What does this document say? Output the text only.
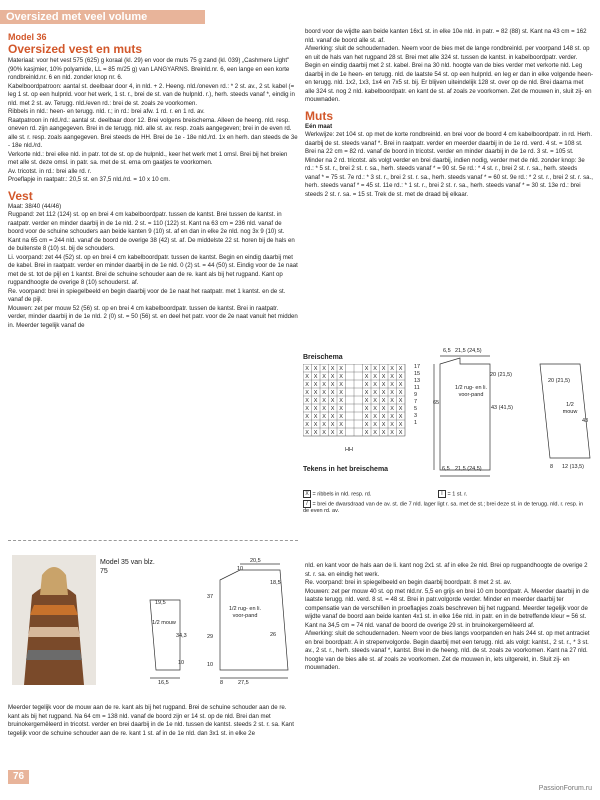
Oversized met veel volume
Model 36
Oversized vest en muts

Materiaal: voor het vest 575 (625) g koraal (kl. 29) en voor de muts 75 g zand (kl. 039) „Cashmere Light" (90% kasjmier, 10% polyamide, LL = 85 m/25 g) van LANGYARNS. Breinld.nr. 6, een lange en een korte rondbreinld.nr. 6 en nld. zonder knop nr. 6.

Kabelboordpatroon: aantal st. deelbaar door 4, in nld. + 2. Heeng. nld./oneven rd.: * 2 st. av., 2 st. kabel (= leg 1 st. op een hulpnld. voor het werk, 1 st. r., brei de st. van de hulpnld. r.), herh. steeds vanaf *, eindig in nld. met 2 st. av. Terugg. nld./even rd.: brei de st. zoals ze voorkomen.

Ribbels in nld.: heen- en terugg. nld. r.; in rd.: brei afw. 1 rd. r. en 1 rd. av.

Raatpatroon in nld./rd.: aantal st. deelbaar door 12. Brei volgens breischema. Alleen de heeng. nld. resp. oneven rd. zijn aangegeven. Brei in de terugg. nld. alle st. av. resp. zoals aangegeven; brei in de even rd. alle st. r. resp. zoals aangegeven. Brei steeds de HH. Brei de 1e - 18e nld./rd. 1x en herh. dan steeds de 3e - 18e nld./rd.

Verkorte nld.: brei elke nld. in patr. tot de st. op de hulpnld., keer het werk met 1 omsl. Brei bij het breien met alle st. deze omsl. in patr. sa. met de st. erna om gaatjes te voorkomen.

Av. tricotst. in rd.: brei alle rd. r.

Proeflapje in raatpatr.: 20,5 st. en 37,5 nld./rd. = 10 x 10 cm.

Vest

Maat: 38/40 (44/46)

Rugpand: zet 112 (124) st. op en brei 4 cm kabelboordpatr. tussen de kantst. Brei tussen de kantst. in raatpatr. verder en minder daarbij in de 1e nld. 2 st. = 110 (122) st. Kant na 63 cm = 236 nld. vanaf de boord voor de schuine schouders aan beide kanten 9 (10) st. af en dan in elke 2e nld. nog 3x 9 (10) st. Kant na 65 cm = 244 nld. vanaf de boord de overige 38 (42) st. af. De middelste 22 st. horen bij de hals en de buitenste 8 (10) st. bij de schouders.

Li. voorpand: zet 44 (52) st. op en brei 4 cm kabelboordpatr. tussen de kantst. Begin en eindig daarbij met de kabel. Brei in raatpatr. verder en minder daarbij in de 1e nld. 0 (2) st. = 44 (50) st. Eindig voor de 1e naat met de st. tot de pijl en 1 kantst. Brei de schuine schouder aan de re. kant als bij het rugpand. Kant op rugpandhoogte de overige 8 (10) schouderst. af.

Re. voorpand: brei in spiegelbeeld en begin daarbij voor de 1e naat het raatpatr. met 1 kantst. en de st. vanaf de pijl.

Mouwen: zet per mouw 52 (56) st. op en brei 4 cm kabelboordpatr. tussen de kantst. Brei in raatpatr. verder, minder daarbij in de 1e nld. 2 (0) st. = 50 (56) st. en deel het patr. voor de 2e naat vanuit het midden in. Meerder tegelijk vanaf de

boord voor de wijdte aan beide kanten 16x1 st. in elke 10e nld. in patr. = 82 (88) st. Kant na 43 cm = 162 nld. vanaf de boord alle st. af.

Afwerking: sluit de schoudernaden. Neem voor de bies met de lange rondbreinld. per voorpand 148 st. op en uit de hals van het rugpand 28 st. Brei met alle 324 st. tussen de kantst. in kabelboordpatr. verder. Begin en eindig daarbij met 2 st. kabel. Brei na 30 nld. hoogte van de bies verder met verkorte nld. Leg daarbij in de 1e heen- en terugg. nld. de laatste 54 st. op een hulpnld. en leg er dan in elke volgende heen- en terugg. nld. 1x2, 1x3, 1x4 en 7x5 st. bij. Er blijven uiteindelijk 128 st. over op de nld. Brei daarna met alle 324 st. nog 2 nld. kabelboordpatr. en kant de st. af zoals ze voorkomen. Zet de mouwen in, sluit zij- en mouwnaden.

Muts

Eén maat

Werkwijze: zet 104 st. op met de korte rondbreinld. en brei voor de boord 4 cm kabelboordpatr. in rd. Herh. daarbij de st. steeds vanaf *. Brei in raatpatr. verder en meerder daarbij in de 1e rd. verd. 4 st. = 108 st. Brei na 22 cm = 82 rd. vanaf de boord in tricotst. verder en minder daarbij in de 1e rd. 3 st. = 105 st. Minder na 2 rd. tricotst. als volgt verder en brei daarbij, indien nodig, verder met de nld. zonder knop: 3e rd.: * 5 st. r., brei 2 st. r. sa., herh. steeds vanaf * = 90 st. 5e rd.: * 4 st. r., brei 2 st. r. sa., herh. steeds vanaf * = 75 st. 7e rd.: * 3 st. r., brei 2 st. r. sa., herh. steeds vanaf * = 60 st. 9e rd.: * 2 st. r., brei 2 st. r. sa., herh. steeds vanaf * = 45 st. 11e rd.: * 1 st. r., brei 2 st. r. sa., herh. steeds vanaf * = 30 st. 13e rd.: brei steeds 2 st. r. sa. = 15 st. Trek de st. met de draad bij elkaar.

Breischema
X X X X X	X X X X X
X X X X X	X X X X X
X X X X X	X X X X X
X X X X X	X X X X X
X X X X X	X X X X X
X X X X X	X X X X X
X X X X X	X X X X X
X X X X X	X X X X X
X X X X X	X X X X X
17
15
13
11
9
7
5
3
1
HH
Tekens in het breischema
X = ribbels in nld. resp. rd.	I = 1 st. r.
/ = brei de dwarsdraad van de av. st. die 7 nld. lager ligt r. sa. met de st.; brei deze st. in de terugg. nld. r. resp. in de even rd. av.
6,5 21,5 (24,5)
20 (21,5)
65
1/2 rug- en li. voor-pand
43 (41,5)
6,5 21,5 (24,5)
20 (21,5)
1/2 mouw
43
8 12 (13,5)
Model 35 van blz. 75	10
20,5
18,5
19,5
37
34,3	29	26
10	10
16,5	27,5
8
1/2 mouw
1/2 rug- en li. voor-pand

Meerder tegelijk voor de mouw aan de re. kant als bij het rugpand. Brei de schuine schouder aan de re. kant als bij het rugpand. Na 64 cm = 138 nld. vanaf de boord zijn er 14 st. op de nld. Brei dan met bruinokergemêleerd in tricotst. verder en brei daarbij in de 1e nld. tussen de kantst. steeds 2 st. r. sa. Kant tegelijk voor de schuine schouder aan de re. kant 1 st. af in de 1e nld. dan 3x1 st. in elke 2e

nld. en kant voor de hals aan de li. kant nog 2x1 st. af in elke 2e nld. Brei op rugpandhoogte de overige 2 st. r. sa. en eindig het werk.

Re. voorpand: brei in spiegelbeeld en begin daarbij boordpatr. 8 met 2 st. av.

Mouwen: zet per mouw 40 st. op met nld.nr. 5,5 en grijs en brei 10 cm boordpatr. A. Meerder daarbij in de laatste terugg. nld. verd. 8 st. = 48 st. Brei in patr.volgorde verder. Minder en meerder daarbij ter compensatie van de verschillen in proeflapjes zoals beschreven bij het rugpand. Meerder tegelijk voor de wijdte vanaf de boord aan beide kanten 4x1 st. in elke 16e nld. in patr. en in de betreffende kleur = 56 st. Kant na 34,5 cm = 74 nld. vanaf de boord de overige 29 st. in bruinokergemêleerd af.

Afwerking: sluit de schoudernaden. Neem voor de bies langs voorpanden en hals 244 st. op met antraciet en brei boordpatr. A in strepenvolgorde. Begin daarbij met een terugg. nld. als volgt: kantst., 2 st. r., * 3 st. av., 2 st. r., herh. steeds vanaf *, kantst. Brei in de heeng. nld. de st. zoals ze voorkomen. Kant na 27 nld. hoogte van de bies alle st. af zoals ze voorkomen. Zet de mouwen in, iets uitgerekt, in. Sluit zij- en mouwnaden.

76
PassionForum.ru
